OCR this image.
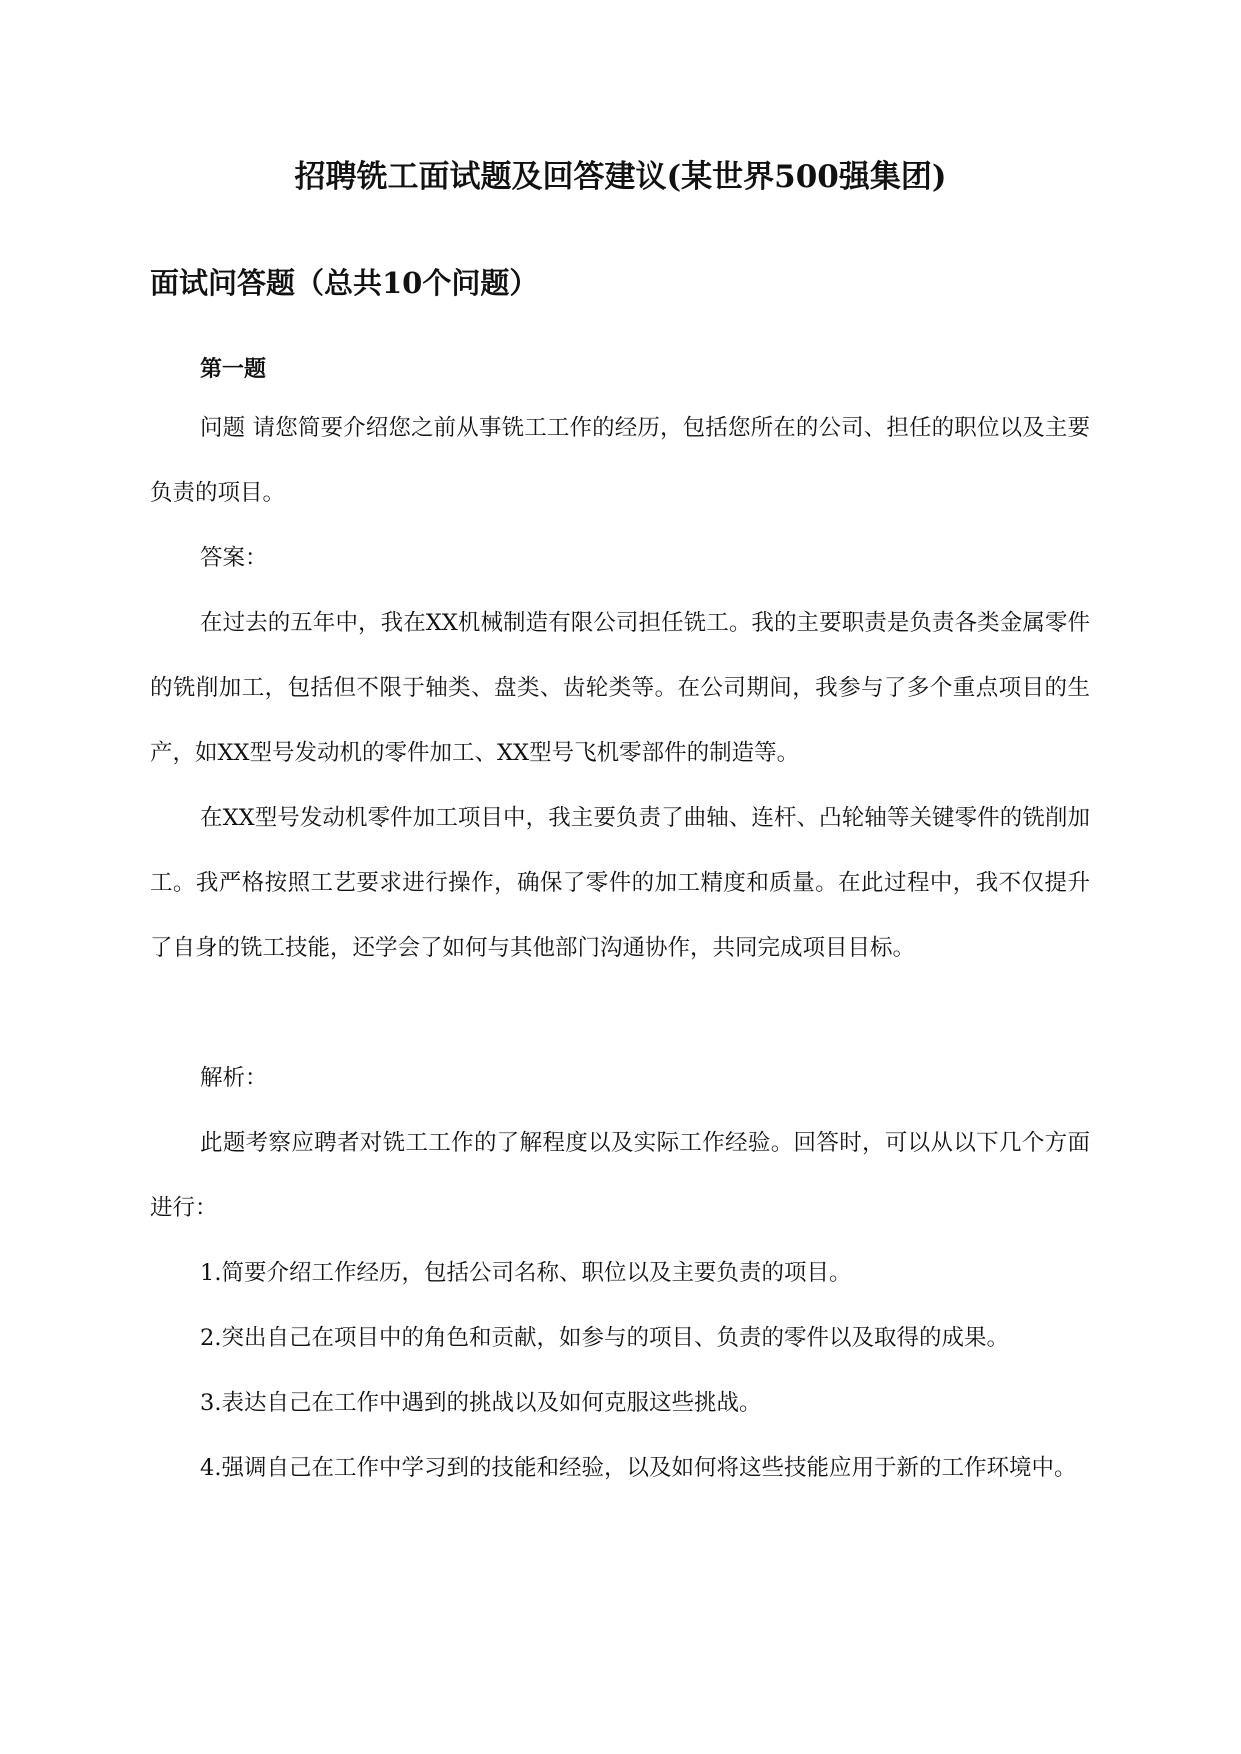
招聘铣工面试题及回答建议(某世界500强集团)
面试问答题（总共10个问题）
第一题

问题 请您简要介绍您之前从事铣工工作的经历，包括您所在的公司、担任的职位以及主要负责的项目。

答案：

在过去的五年中，我在XX机械制造有限公司担任铣工。我的主要职责是负责各类金属零件的铣削加工，包括但不限于轴类、盘类、齿轮类等。在公司期间，我参与了多个重点项目的生产，如XX型号发动机的零件加工、XX型号飞机零部件的制造等。

在XX型号发动机零件加工项目中，我主要负责了曲轴、连杆、凸轮轴等关键零件的铣削加工。我严格按照工艺要求进行操作，确保了零件的加工精度和质量。在此过程中，我不仅提升了自身的铣工技能，还学会了如何与其他部门沟通协作，共同完成项目目标。

解析：

此题考察应聘者对铣工工作的了解程度以及实际工作经验。回答时，可以从以下几个方面进行：

1.简要介绍工作经历，包括公司名称、职位以及主要负责的项目。

2.突出自己在项目中的角色和贡献，如参与的项目、负责的零件以及取得的成果。

3.表达自己在工作中遇到的挑战以及如何克服这些挑战。

4.强调自己在工作中学习到的技能和经验，以及如何将这些技能应用于新的工作环境中。
